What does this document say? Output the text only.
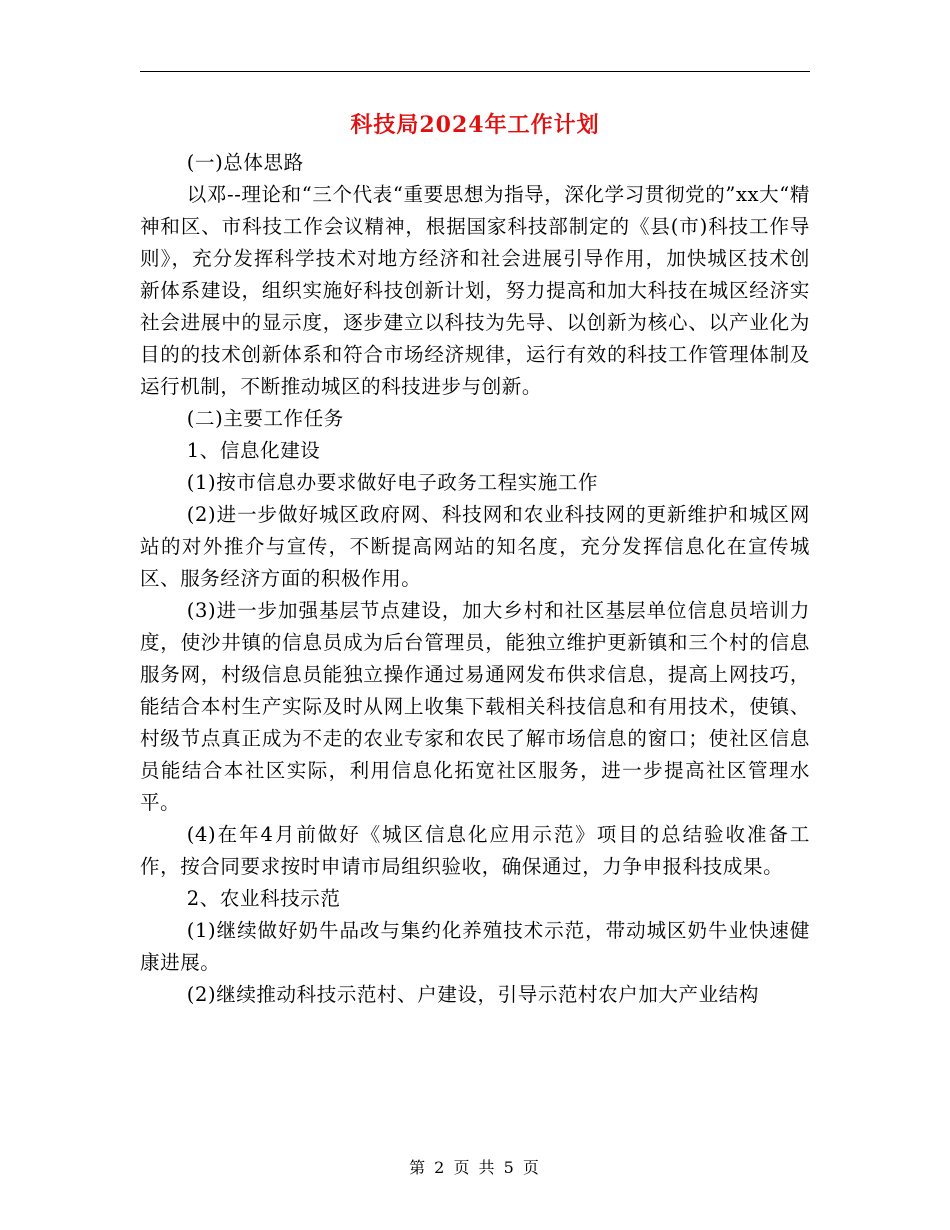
科技局2024年工作计划

(一)总体思路

以邓--理论和“三个代表“重要思想为指导，深化学习贯彻党的”xx大“精神和区、市科技工作会议精神，根据国家科技部制定的《县(市)科技工作导则》，充分发挥科学技术对地方经济和社会进展引导作用，加快城区技术创新体系建设，组织实施好科技创新计划，努力提高和加大科技在城区经济实社会进展中的显示度，逐步建立以科技为先导、以创新为核心、以产业化为目的的技术创新体系和符合市场经济规律，运行有效的科技工作管理体制及运行机制，不断推动城区的科技进步与创新。

(二)主要工作任务

1、信息化建设

(1)按市信息办要求做好电子政务工程实施工作

(2)进一步做好城区政府网、科技网和农业科技网的更新维护和城区网站的对外推介与宣传，不断提高网站的知名度，充分发挥信息化在宣传城区、服务经济方面的积极作用。

(3)进一步加强基层节点建设，加大乡村和社区基层单位信息员培训力度，使沙井镇的信息员成为后台管理员，能独立维护更新镇和三个村的信息服务网，村级信息员能独立操作通过易通网发布供求信息，提高上网技巧，能结合本村生产实际及时从网上收集下载相关科技信息和有用技术，使镇、村级节点真正成为不走的农业专家和农民了解市场信息的窗口；使社区信息员能结合本社区实际，利用信息化拓宽社区服务，进一步提高社区管理水平。

(4)在年4月前做好《城区信息化应用示范》项目的总结验收准备工作，按合同要求按时申请市局组织验收，确保通过，力争申报科技成果。

2、农业科技示范

(1)继续做好奶牛品改与集约化养殖技术示范，带动城区奶牛业快速健康进展。

(2)继续推动科技示范村、户建设，引导示范村农户加大产业结构

第 2 页 共 5 页
